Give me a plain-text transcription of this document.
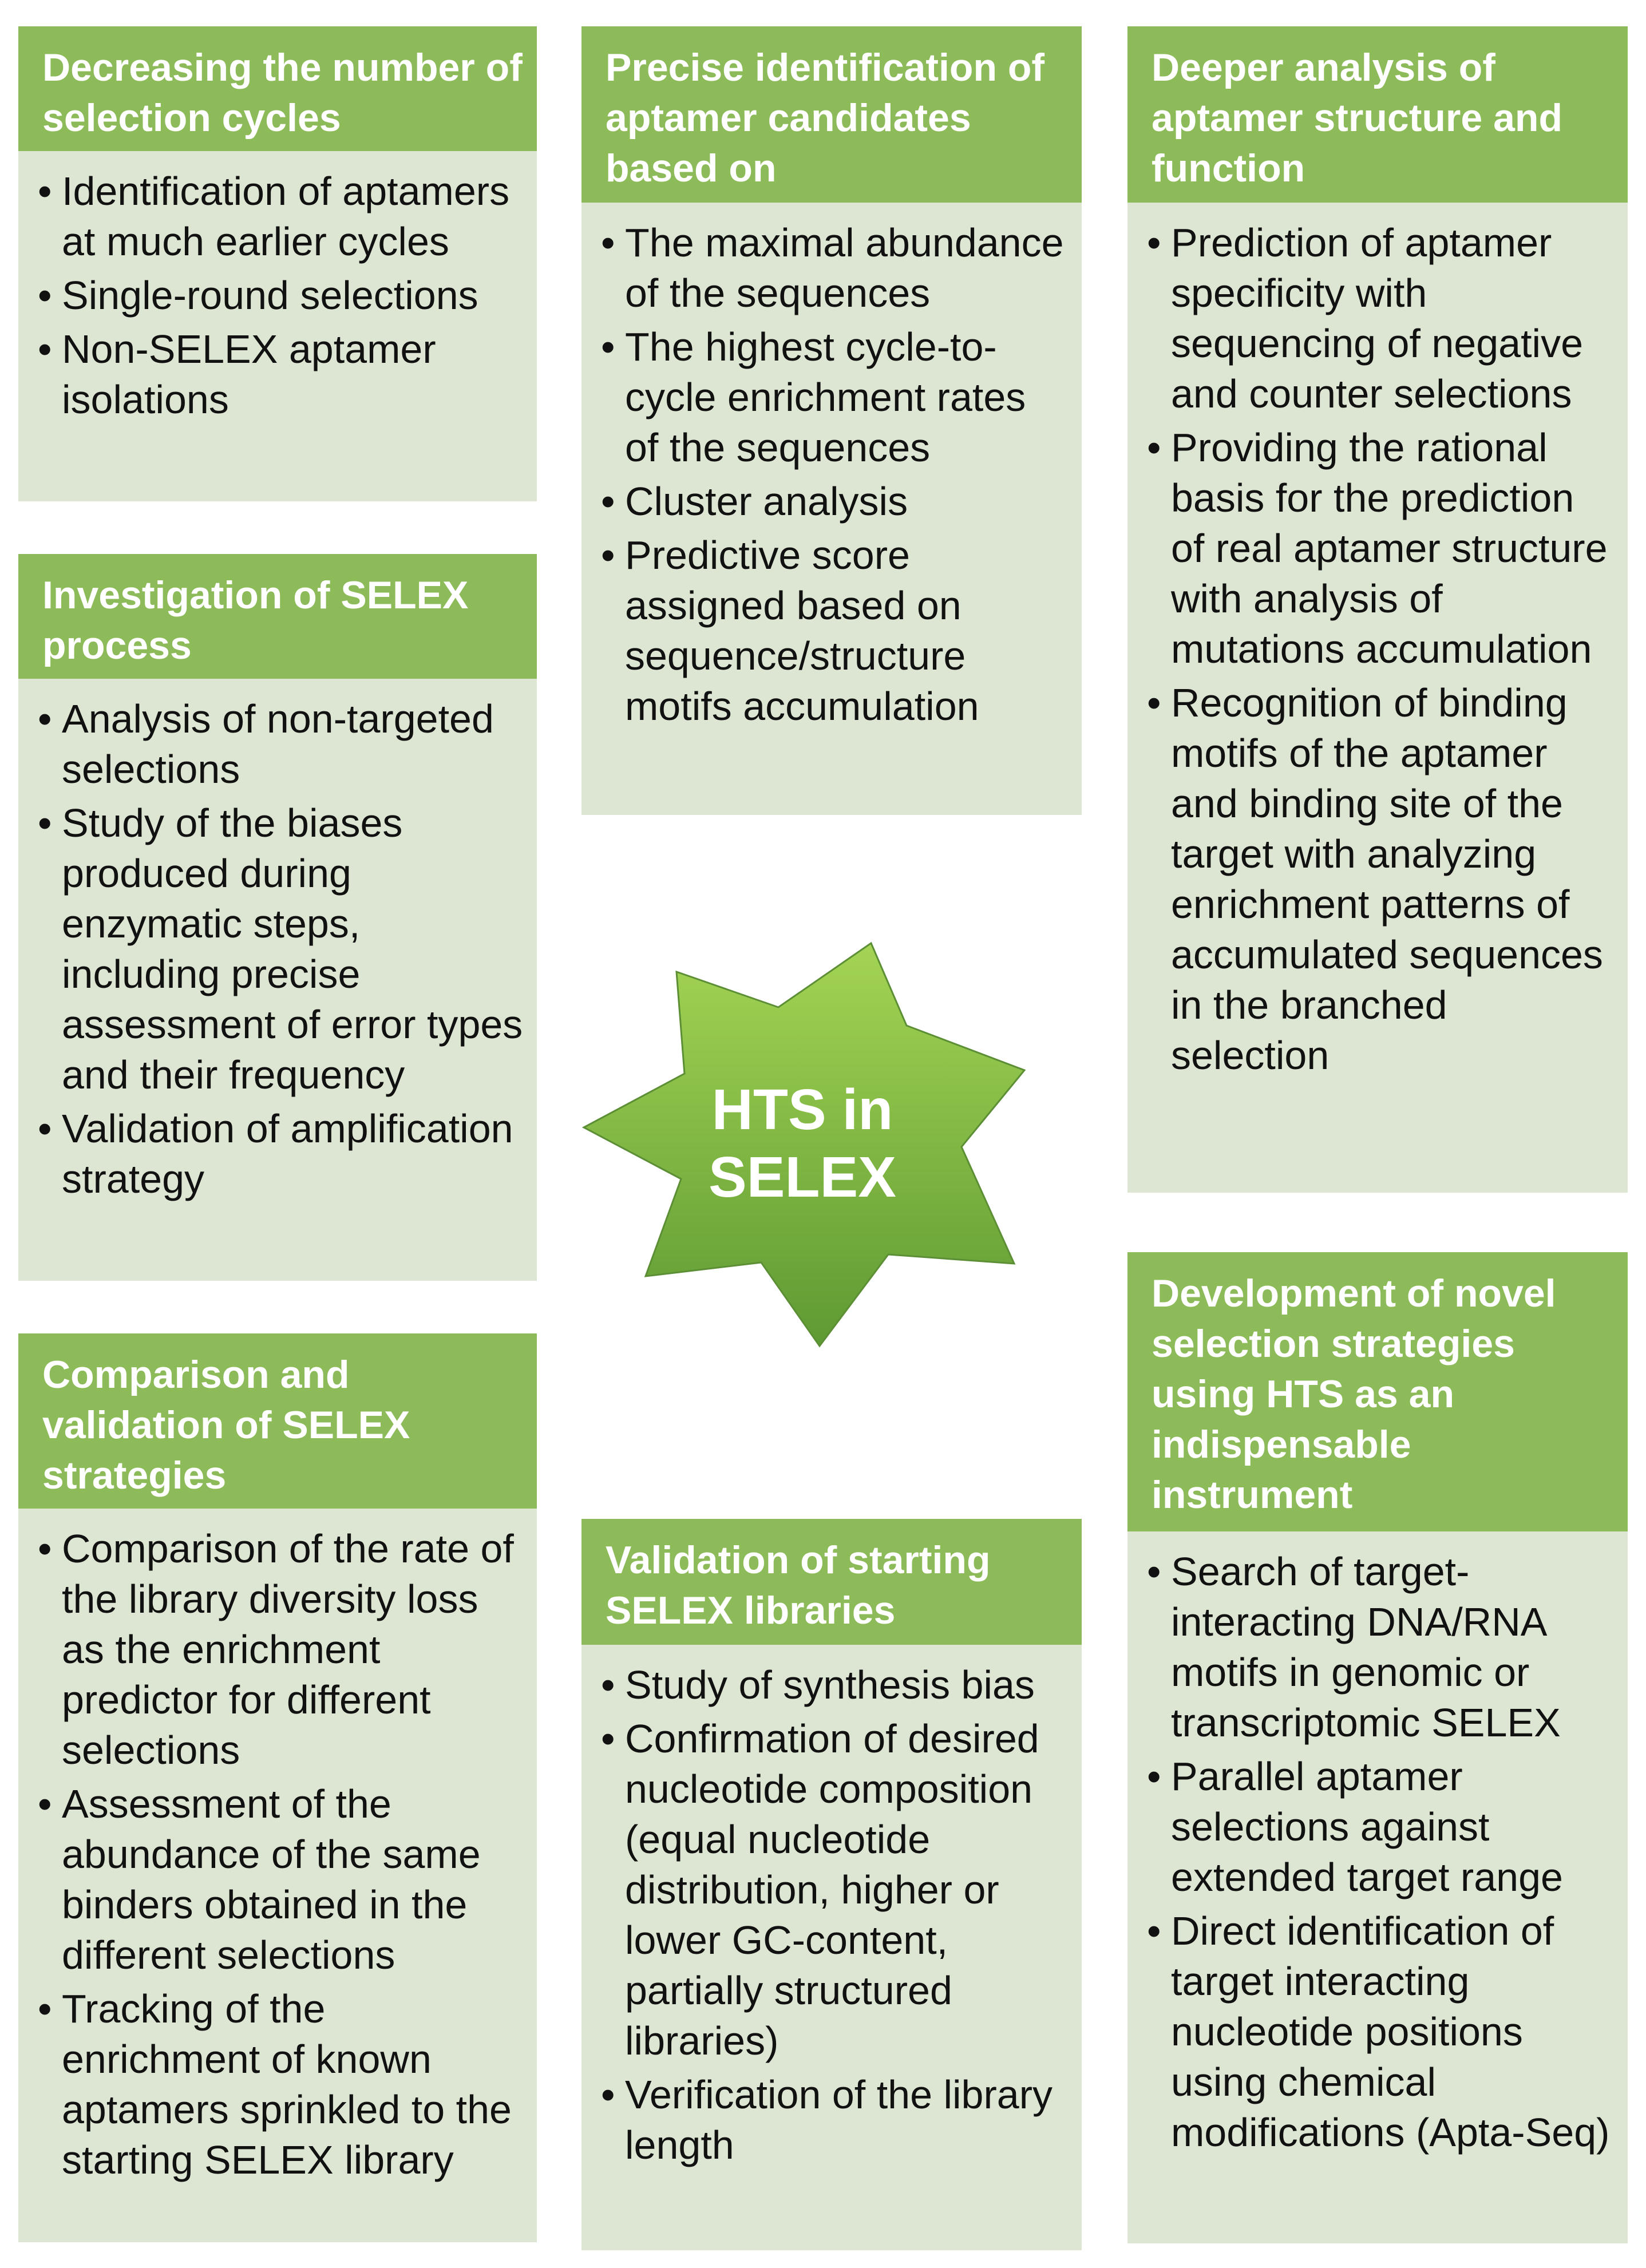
Decreasing the number of selection cycles
• Identification of aptamers at much earlier cycles
• Single-round selections
• Non-SELEX aptamer isolations
Investigation of SELEX process
• Analysis of non-targeted selections
• Study of the biases produced during enzymatic steps, including precise assessment of error types and their frequency
• Validation of amplification strategy
Comparison and validation of SELEX strategies
• Comparison of the rate of the library diversity loss as the enrichment predictor for different selections
• Assessment of the abundance of the same binders obtained in the different selections
• Tracking of the enrichment of known aptamers sprinkled to the starting SELEX library
Precise identification of aptamer candidates based on
• The maximal abundance of the sequences
• The highest cycle-to-cycle enrichment rates of the sequences
• Cluster analysis
• Predictive score assigned based on sequence/structure motifs accumulation
HTS in
SELEX
Validation of starting SELEX libraries
• Study of synthesis bias
• Confirmation of desired nucleotide composition (equal nucleotide distribution, higher or lower GC-content, partially structured libraries)
• Verification of the library length
Deeper analysis of aptamer structure and function
• Prediction of aptamer specificity with sequencing of negative and counter selections
• Providing the rational basis for the prediction of real aptamer structure with analysis of mutations accumulation
• Recognition of binding motifs of the aptamer and binding site of the target with analyzing enrichment patterns of accumulated sequences in the branched selection
Development of novel selection strategies using HTS as an indispensable instrument
• Search of target-interacting DNA/RNA motifs in genomic or transcriptomic SELEX
• Parallel aptamer selections against extended target range
• Direct identification of target interacting nucleotide positions using chemical modifications (Apta-Seq)
